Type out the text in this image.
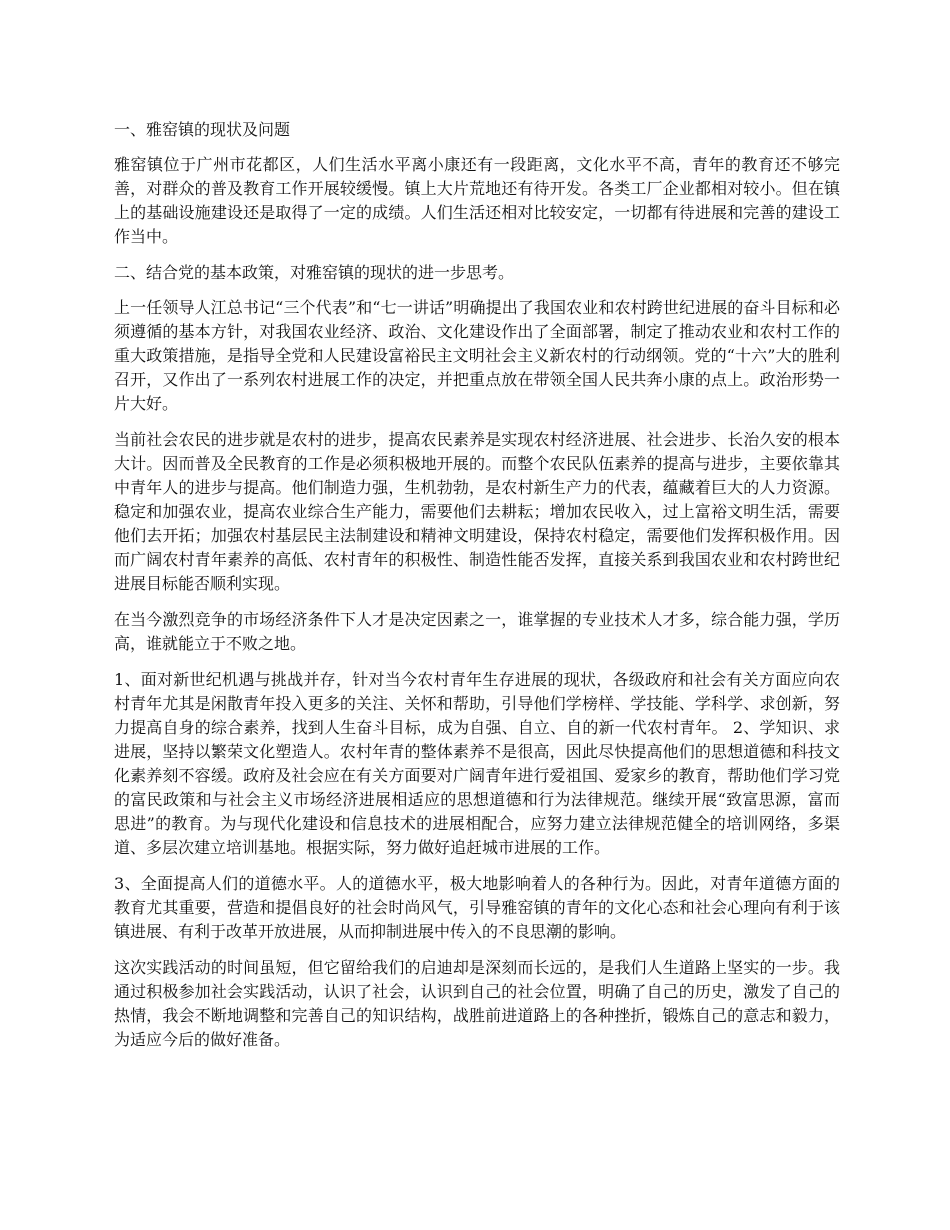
一、雅窑镇的现状及问题
雅窑镇位于广州市花都区，人们生活水平离小康还有一段距离，文化水平不高，青年的教育还不够完善，对群众的普及教育工作开展较缓慢。镇上大片荒地还有待开发。各类工厂企业都相对较小。但在镇上的基础设施建设还是取得了一定的成绩。人们生活还相对比较安定，一切都有待进展和完善的建设工作当中。
二、结合党的基本政策，对雅窑镇的现状的进一步思考。
上一任领导人江总书记“三个代表”和“七一讲话”明确提出了我国农业和农村跨世纪进展的奋斗目标和必须遵循的基本方针，对我国农业经济、政治、文化建设作出了全面部署，制定了推动农业和农村工作的重大政策措施，是指导全党和人民建设富裕民主文明社会主义新农村的行动纲领。党的“十六”大的胜利召开，又作出了一系列农村进展工作的决定，并把重点放在带领全国人民共奔小康的点上。政治形势一片大好。
当前社会农民的进步就是农村的进步，提高农民素养是实现农村经济进展、社会进步、长治久安的根本大计。因而普及全民教育的工作是必须积极地开展的。而整个农民队伍素养的提高与进步，主要依靠其中青年人的进步与提高。他们制造力强，生机勃勃，是农村新生产力的代表，蕴藏着巨大的人力资源。稳定和加强农业，提高农业综合生产能力，需要他们去耕耘；增加农民收入，过上富裕文明生活，需要他们去开拓；加强农村基层民主法制建设和精神文明建设，保持农村稳定，需要他们发挥积极作用。因而广阔农村青年素养的高低、农村青年的积极性、制造性能否发挥，直接关系到我国农业和农村跨世纪进展目标能否顺利实现。
在当今激烈竞争的市场经济条件下人才是决定因素之一，谁掌握的专业技术人才多，综合能力强，学历高，谁就能立于不败之地。
1、面对新世纪机遇与挑战并存，针对当今农村青年生存进展的现状，各级政府和社会有关方面应向农村青年尤其是闲散青年投入更多的关注、关怀和帮助，引导他们学榜样、学技能、学科学、求创新，努力提高自身的综合素养，找到人生奋斗目标，成为自强、自立、自的新一代农村青年。 2、学知识、求进展，坚持以繁荣文化塑造人。农村年青的整体素养不是很高，因此尽快提高他们的思想道德和科技文化素养刻不容缓。政府及社会应在有关方面要对广阔青年进行爱祖国、爱家乡的教育，帮助他们学习党的富民政策和与社会主义市场经济进展相适应的思想道德和行为法律规范。继续开展“致富思源，富而思进”的教育。为与现代化建设和信息技术的进展相配合，应努力建立法律规范健全的培训网络，多渠道、多层次建立培训基地。根据实际，努力做好追赶城市进展的工作。
3、全面提高人们的道德水平。人的道德水平，极大地影响着人的各种行为。因此，对青年道德方面的教育尤其重要，营造和提倡良好的社会时尚风气，引导雅窑镇的青年的文化心态和社会心理向有利于该镇进展、有利于改革开放进展，从而抑制进展中传入的不良思潮的影响。
这次实践活动的时间虽短，但它留给我们的启迪却是深刻而长远的，是我们人生道路上坚实的一步。我通过积极参加社会实践活动，认识了社会，认识到自己的社会位置，明确了自己的历史，激发了自己的热情，我会不断地调整和完善自己的知识结构，战胜前进道路上的各种挫折，锻炼自己的意志和毅力，为适应今后的做好准备。
